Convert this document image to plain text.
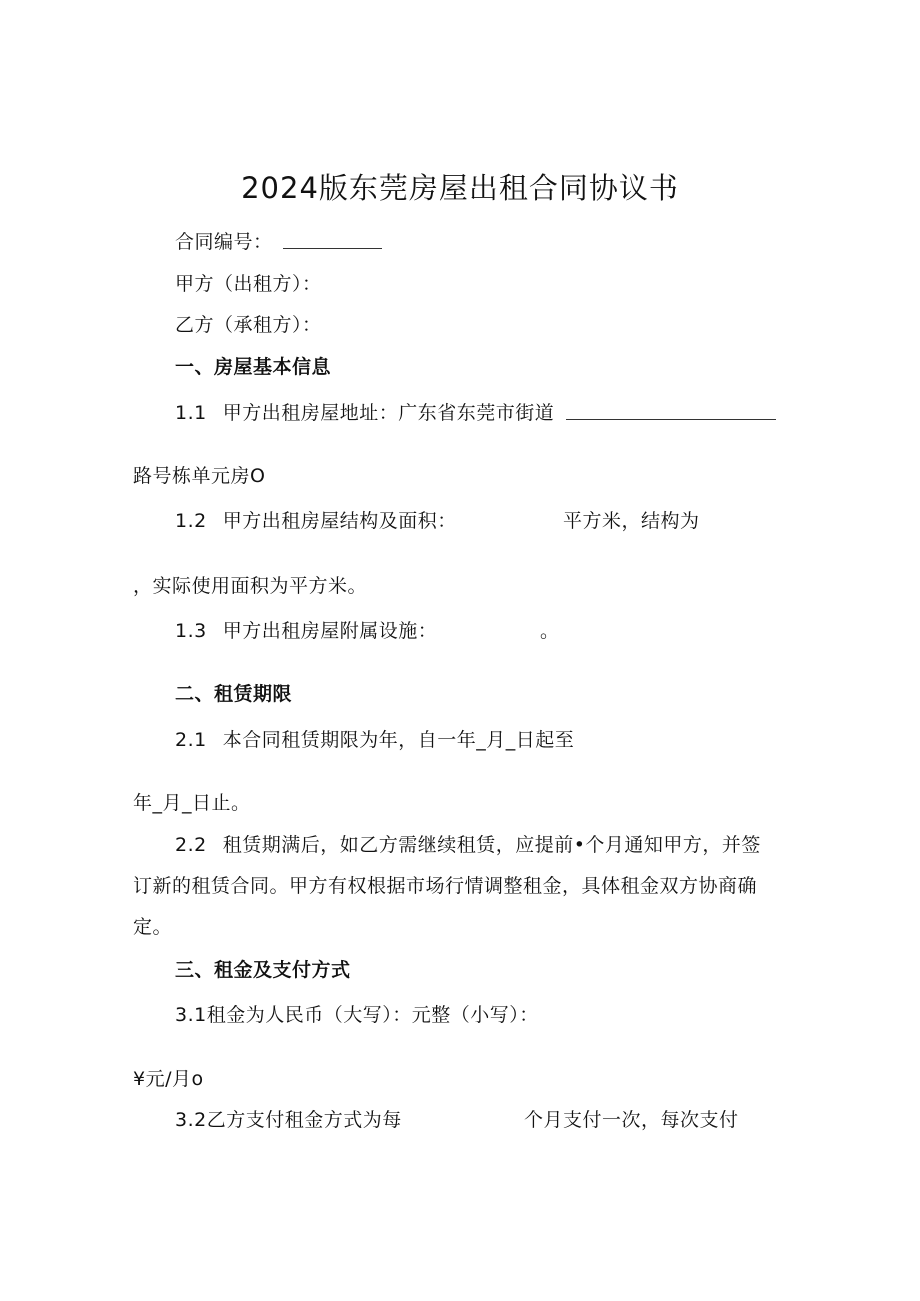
2024版东莞房屋出租合同协议书
合同编号：
甲方（出租方）：
乙方（承租方）：
一、房屋基本信息
1.1 甲方出租房屋地址：广东省东莞市街道
路号栋单元房O
1.2 甲方出租房屋结构及面积：	平方米，结构为
，实际使用面积为平方米。
1.3 甲方出租房屋附属设施：	。
二、租赁期限
2.1 本合同租赁期限为年，自一年_月_日起至
年_月_日止。
2.2 租赁期满后，如乙方需继续租赁，应提前•个月通知甲方，并签
订新的租赁合同。甲方有权根据市场行情调整租金，具体租金双方协商确
定。
三、租金及支付方式
3.1租金为人民币（大写）：元整（小写）：
¥元/月o
3.2乙方支付租金方式为每	个月支付一次，每次支付
